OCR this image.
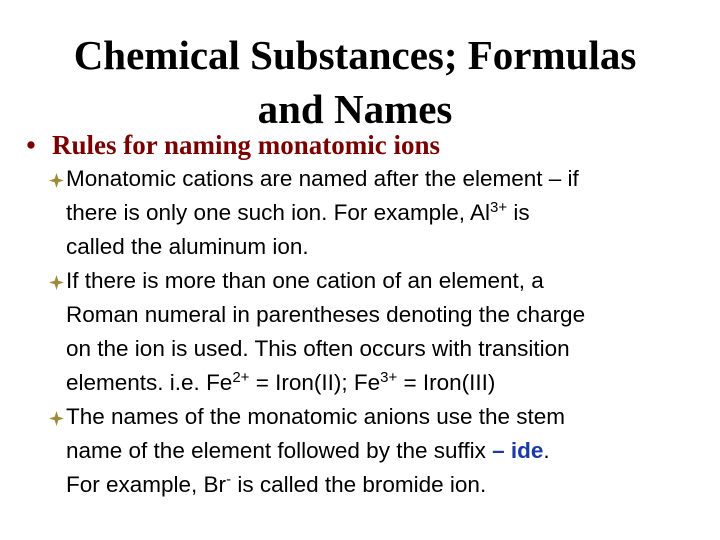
Chemical Substances; Formulas
and Names
• Rules for naming monatomic ions
Monatomic cations are named after the element – if
there is only one such ion. For example, $Al^{3+}$ is
called the aluminum ion.
If there is more than one cation of an element, a
Roman numeral in parentheses denoting the charge
on the ion is used. This often occurs with transition
elements. i.e. $Fe^{2+}$ = Iron(II); $Fe^{3+}$ = Iron(III)
The names of the monatomic anions use the stem
name of the element followed by the suffix – ide.
For example, Br- is called the bromide ion.
